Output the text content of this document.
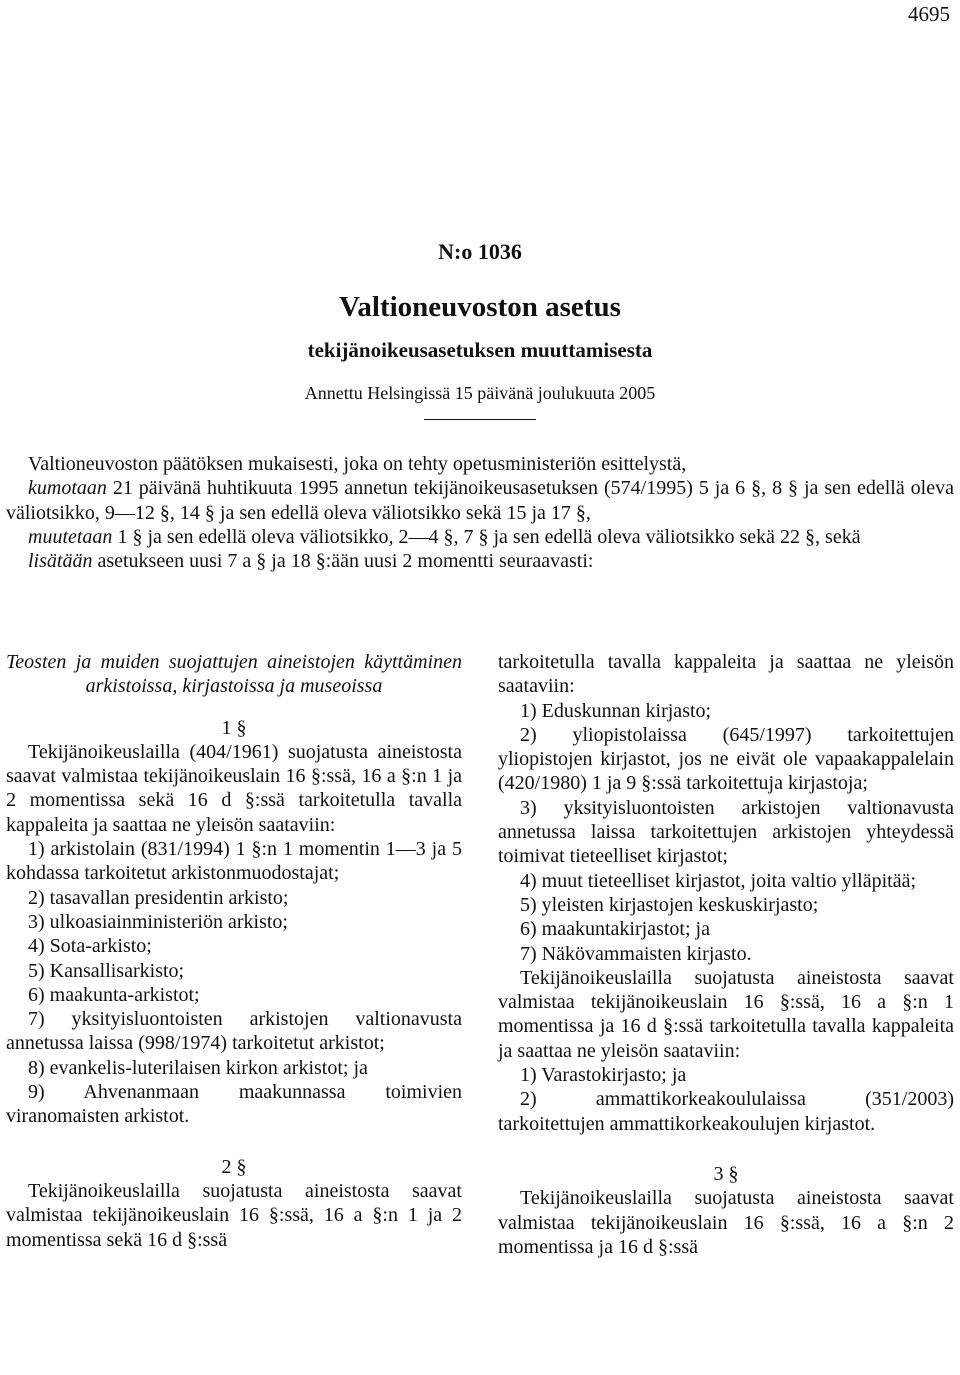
4695

N:o 1036

Valtioneuvoston asetus

tekijänoikeusasetuksen muuttamisesta

Annettu Helsingissä 15 päivänä joulukuuta 2005

Valtioneuvoston päätöksen mukaisesti, joka on tehty opetusministeriön esittelystä,

kumotaan 21 päivänä huhtikuuta 1995 annetun tekijänoikeusasetuksen (574/1995) 5 ja 6 §, 8 § ja sen edellä oleva väliotsikko, 9—12 §, 14 § ja sen edellä oleva väliotsikko sekä 15 ja 17 §,

muutetaan 1 § ja sen edellä oleva väliotsikko, 2—4 §, 7 § ja sen edellä oleva väliotsikko sekä 22 §, sekä

lisätään asetukseen uusi 7 a § ja 18 §:ään uusi 2 momentti seuraavasti:

Teosten ja muiden suojattujen aineistojen käyttäminen arkistoissa, kirjastoissa ja museoissa

1 §

Tekijänoikeuslailla (404/1961) suojatusta aineistosta saavat valmistaa tekijänoikeuslain 16 §:ssä, 16 a §:n 1 ja 2 momentissa sekä 16 d §:ssä tarkoitetulla tavalla kappaleita ja saattaa ne yleisön saataviin:

1) arkistolain (831/1994) 1 §:n 1 momentin 1—3 ja 5 kohdassa tarkoitetut arkistonmuodostajat;

2) tasavallan presidentin arkisto;

3) ulkoasiainministeriön arkisto;

4) Sota-arkisto;

5) Kansallisarkisto;

6) maakunta-arkistot;

7) yksityisluontoisten arkistojen valtionavusta annetussa laissa (998/1974) tarkoitetut arkistot;

8) evankelis-luterilaisen kirkon arkistot; ja

9) Ahvenanmaan maakunnassa toimivien viranomaisten arkistot.

2 §

Tekijänoikeuslailla suojatusta aineistosta saavat valmistaa tekijänoikeuslain 16 §:ssä, 16 a §:n 1 ja 2 momentissa sekä 16 d §:ssä

tarkoitetulla tavalla kappaleita ja saattaa ne yleisön saataviin:

1) Eduskunnan kirjasto;

2) yliopistolaissa (645/1997) tarkoitettujen yliopistojen kirjastot, jos ne eivät ole vapaakappalelain (420/1980) 1 ja 9 §:ssä tarkoitettuja kirjastoja;

3) yksityisluontoisten arkistojen valtionavusta annetussa laissa tarkoitettujen arkistojen yhteydessä toimivat tieteelliset kirjastot;

4) muut tieteelliset kirjastot, joita valtio ylläpitää;

5) yleisten kirjastojen keskuskirjasto;

6) maakuntakirjastot; ja

7) Näkövammaisten kirjasto.

Tekijänoikeuslailla suojatusta aineistosta saavat valmistaa tekijänoikeuslain 16 §:ssä, 16 a §:n 1 momentissa ja 16 d §:ssä tarkoitetulla tavalla kappaleita ja saattaa ne yleisön saataviin:

1) Varastokirjasto; ja

2) ammattikorkeakoululaissa (351/2003) tarkoitettujen ammattikorkeakoulujen kirjastot.

3 §

Tekijänoikeuslailla suojatusta aineistosta saavat valmistaa tekijänoikeuslain 16 §:ssä, 16 a §:n 2 momentissa ja 16 d §:ssä
